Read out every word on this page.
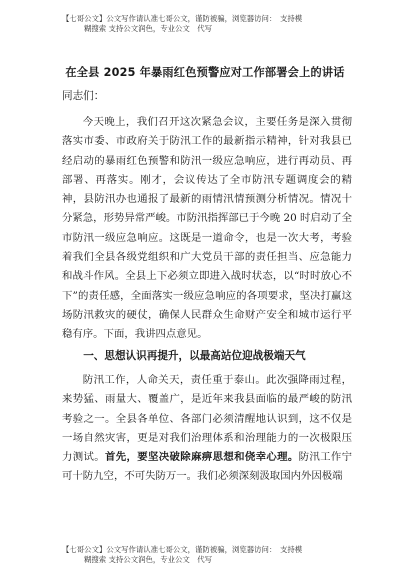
【七哥公文】公文写作请认准七哥公文，谨防被骗，浏览器访问：　支持模
糊搜索 支持公文润色，专业公文　代写
在全县 2025 年暴雨红色预警应对工作部署会上的讲话
同志们：

今天晚上，我们召开这次紧急会议，主要任务是深入贯彻落实市委、市政府关于防汛工作的最新指示精神，针对我县已经启动的暴雨红色预警和防汛一级应急响应，进行再动员、再部署、再落实。刚才，会议传达了全市防汛专题调度会的精神，县防汛办也通报了最新的雨情汛情预测分析情况。情况十分紧急，形势异常严峻。市防汛指挥部已于今晚 20 时启动了全市防汛一级应急响应。这既是一道命令，也是一次大考，考验着我们全县各级党组织和广大党员干部的责任担当、应急能力和战斗作风。全县上下必须立即进入战时状态，以“时时放心不下”的责任感，全面落实一级应急响应的各项要求，坚决打赢这场防汛救灾的硬仗，确保人民群众生命财产安全和城市运行平稳有序。下面，我讲四点意见。

一、思想认识再提升，以最高站位迎战极端天气

防汛工作，人命关天，责任重于泰山。此次强降雨过程，来势猛、雨量大、覆盖广，是近年来我县面临的最严峻的防汛考验之一。全县各单位、各部门必须清醒地认识到，这不仅是一场自然灾害，更是对我们治理体系和治理能力的一次极限压力测试。首先，要坚决破除麻痹思想和侥幸心理。防汛工作宁可十防九空，不可失防万一。我们必须深刻汲取国内外因极端

【七哥公文】公文写作请认准七哥公文，谨防被骗，浏览器访问：　支持模
糊搜索 支持公文润色，专业公文　代写
